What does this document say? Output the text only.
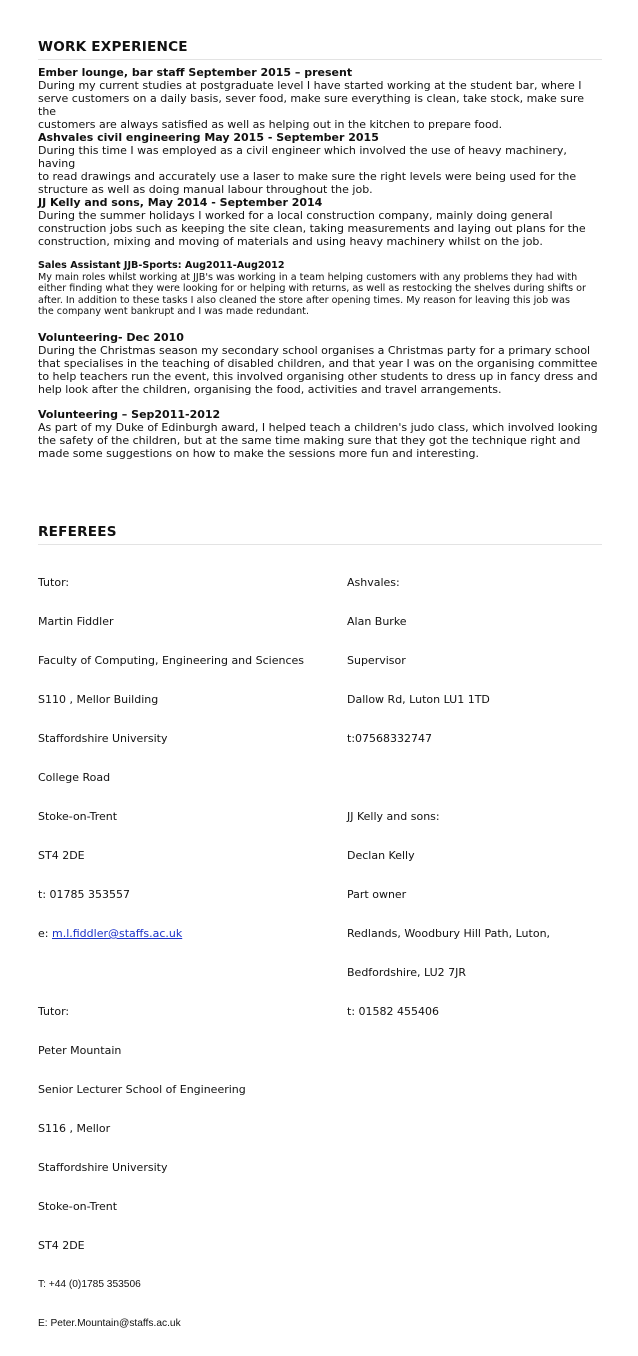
WORK EXPERIENCE
Ember lounge, bar staff September 2015 – present
During my current studies at postgraduate level I have started working at the student bar, where I
serve customers on a daily basis, sever food, make sure everything is clean, take stock, make sure the
customers are always satisfied as well as helping out in the kitchen to prepare food.
Ashvales civil engineering May 2015 - September 2015
During this time I was employed as a civil engineer which involved the use of heavy machinery, having
to read drawings and accurately use a laser to make sure the right levels were being used for the
structure as well as doing manual labour throughout the job.
JJ Kelly and sons, May 2014 - September 2014
During the summer holidays I worked for a local construction company, mainly doing general
construction jobs such as keeping the site clean, taking measurements and laying out plans for the
construction, mixing and moving of materials and using heavy machinery whilst on the job.
Sales Assistant JJB-Sports: Aug2011-Aug2012
My main roles whilst working at JJB's was working in a team helping customers with any problems they had with
either finding what they were looking for or helping with returns, as well as restocking the shelves during shifts or
after. In addition to these tasks I also cleaned the store after opening times. My reason for leaving this job was
the company went bankrupt and I was made redundant.
Volunteering- Dec 2010
During the Christmas season my secondary school organises a Christmas party for a primary school
that specialises in the teaching of disabled children, and that year I was on the organising committee
to help teachers run the event, this involved organising other students to dress up in fancy dress and
help look after the children, organising the food, activities and travel arrangements.
Volunteering – Sep2011-2012
As part of my Duke of Edinburgh award, I helped teach a children's judo class, which involved looking
the safety of the children, but at the same time making sure that they got the technique right and
made some suggestions on how to make the sessions more fun and interesting.
REFEREES

Tutor:

Martin Fiddler

Faculty of Computing, Engineering and Sciences

S110 , Mellor Building

Staffordshire University

College Road

Stoke-on-Trent

ST4 2DE

t: 01785 353557

e: m.l.fiddler@staffs.ac.uk

Tutor:

Peter Mountain

Senior Lecturer School of Engineering

S116 , Mellor

Staffordshire University

Stoke-on-Trent

ST4 2DE

T: +44 (0)1785 353506

E: Peter.Mountain@staffs.ac.uk

Ashvales:

Alan Burke

Supervisor

Dallow Rd, Luton LU1 1TD

t:07568332747

JJ Kelly and sons:

Declan Kelly

Part owner

Redlands, Woodbury Hill Path, Luton,

Bedfordshire, LU2 7JR

t: 01582 455406
